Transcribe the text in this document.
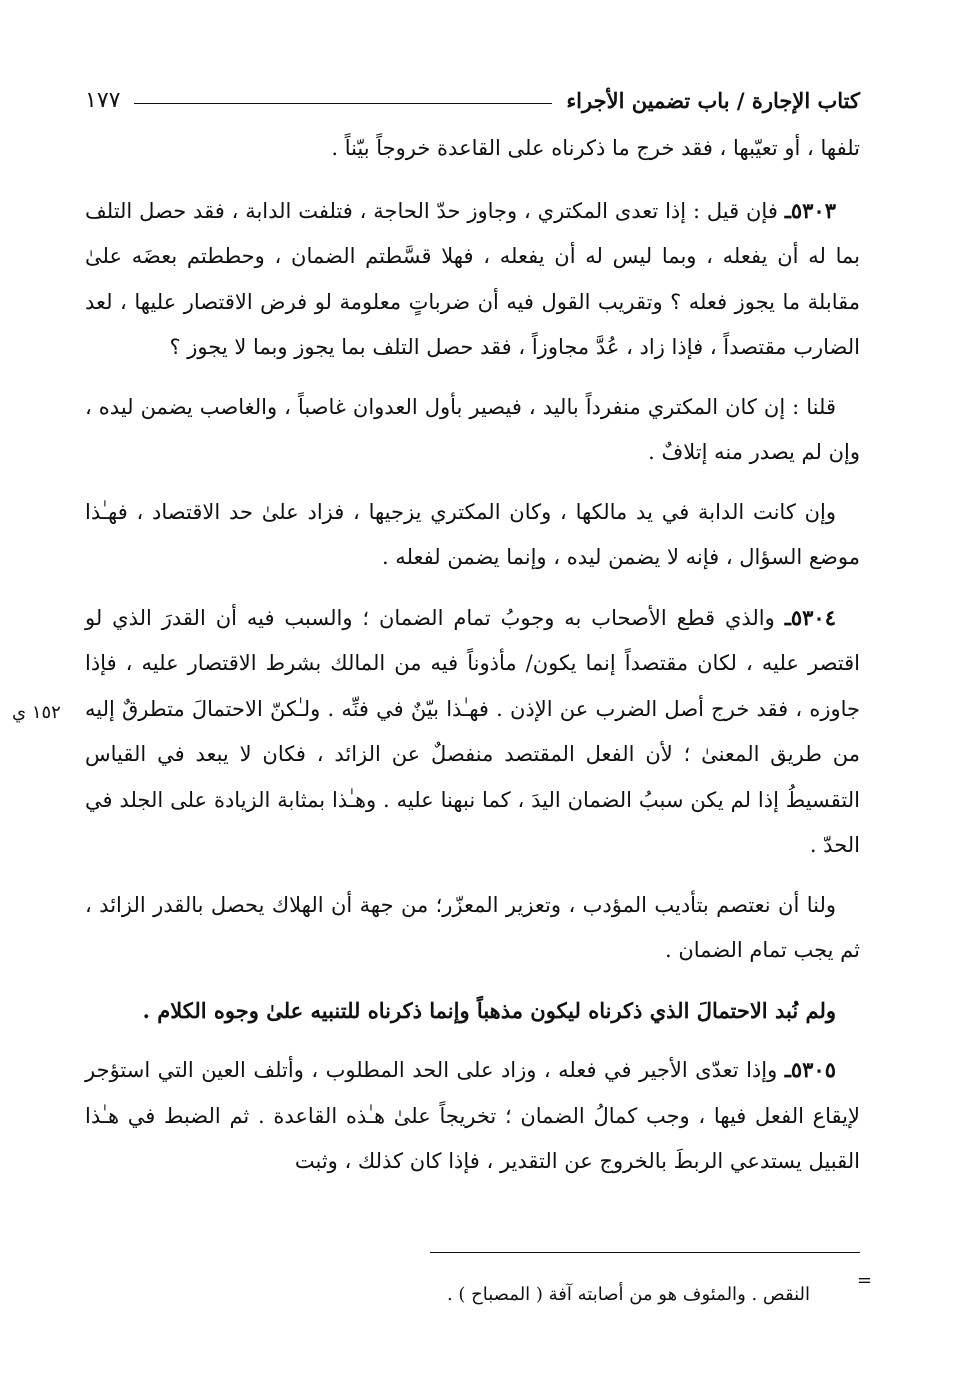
كتاب الإجارة / باب تضمين الأجراء
١٧٧

تلفها ، أو تعيّبها ، فقد خرج ما ذكرناه على القاعدة خروجاً بيّناً .

٥٣٠٣ـ فإن قيل : إذا تعدى المكتري ، وجاوز حدّ الحاجة ، فتلفت الدابة ، فقد حصل التلف بما له أن يفعله ، وبما ليس له أن يفعله ، فهلا قسَّطتم الضمان ، وحططتم بعضَه علىٰ مقابلة ما يجوز فعله ؟ وتقريب القول فيه أن ضرباتٍ معلومة لو فرض الاقتصار عليها ، لعد الضارب مقتصداً ، فإذا زاد ، عُدَّ مجاوزاً ، فقد حصل التلف بما يجوز وبما لا يجوز ؟

قلنا : إن كان المكتري منفرداً باليد ، فيصير بأول العدوان غاصباً ، والغاصب يضمن ليده ، وإن لم يصدر منه إتلافٌ .

وإن كانت الدابة في يد مالكها ، وكان المكتري يزجيها ، فزاد علىٰ حد الاقتصاد ، فهـٰذا موضع السؤال ، فإنه لا يضمن ليده ، وإنما يضمن لفعله .

٥٣٠٤ـ والذي قطع الأصحاب به وجوبُ تمام الضمان ؛ والسبب فيه أن القدرَ الذي لو اقتصر عليه ، لكان مقتصداً إنما يكون/ مأذوناً فيه من المالك بشرط الاقتصار عليه ، فإذا جاوزه ، فقد خرج أصل الضرب عن الإذن . فهـٰذا بيّنٌ في فنِّه . ولـٰكنّ الاحتمالَ متطرقٌ إليه من طريق المعنىٰ ؛ لأن الفعل المقتصد منفصلٌ عن الزائد ، فكان لا يبعد في القياس التقسيطُ إذا لم يكن سببُ الضمان اليدَ ، كما نبهنا عليه . وهـٰذا بمثابة الزيادة على الجلد في الحدّ .

ولنا أن نعتصم بتأديب المؤدب ، وتعزير المعزّر؛ من جهة أن الهلاك يحصل بالقدر الزائد ، ثم يجب تمام الضمان .

ولم نُبد الاحتمالَ الذي ذكرناه ليكون مذهباً وإنما ذكرناه للتنبيه علىٰ وجوه الكلام .

٥٣٠٥ـ وإذا تعدّى الأجير في فعله ، وزاد على الحد المطلوب ، وأتلف العين التي استؤجر لإيقاع الفعل فيها ، وجب كمالُ الضمان ؛ تخريجاً علىٰ هـٰذه القاعدة . ثم الضبط في هـٰذا القبيل يستدعي الربطَ بالخروج عن التقدير ، فإذا كان كذلك ، وثبت

١٥٢ ي
=
النقص . والمئوف هو من أصابته آفة ( المصباح ) .
